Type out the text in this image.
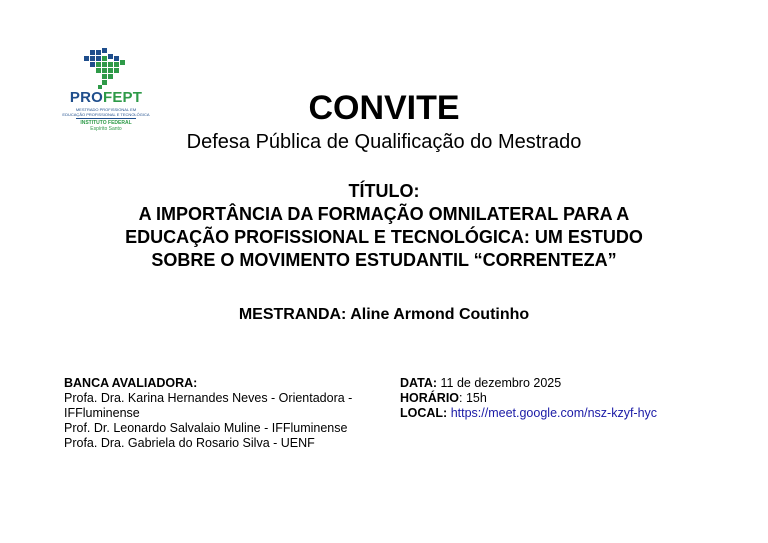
PROFEPT
MESTRADO PROFISSIONAL EM
EDUCAÇÃO PROFISSIONAL E TECNOLÓGICA
INSTITUTO FEDERAL
Espírito Santo
CONVITE
Defesa Pública de Qualificação do Mestrado
TÍTULO:
A IMPORTÂNCIA DA FORMAÇÃO OMNILATERAL PARA A
EDUCAÇÃO PROFISSIONAL E TECNOLÓGICA: UM ESTUDO
SOBRE O MOVIMENTO ESTUDANTIL “CORRENTEZA”
MESTRANDA: Aline Armond Coutinho
BANCA AVALIADORA:
Profa. Dra. Karina Hernandes Neves - Orientadora - IFFluminense
Prof. Dr. Leonardo Salvalaio Muline - IFFluminense
Profa. Dra. Gabriela do Rosario Silva - UENF
DATA: 11 de dezembro 2025
HORÁRIO: 15h
LOCAL: https://meet.google.com/nsz-kzyf-hyc
